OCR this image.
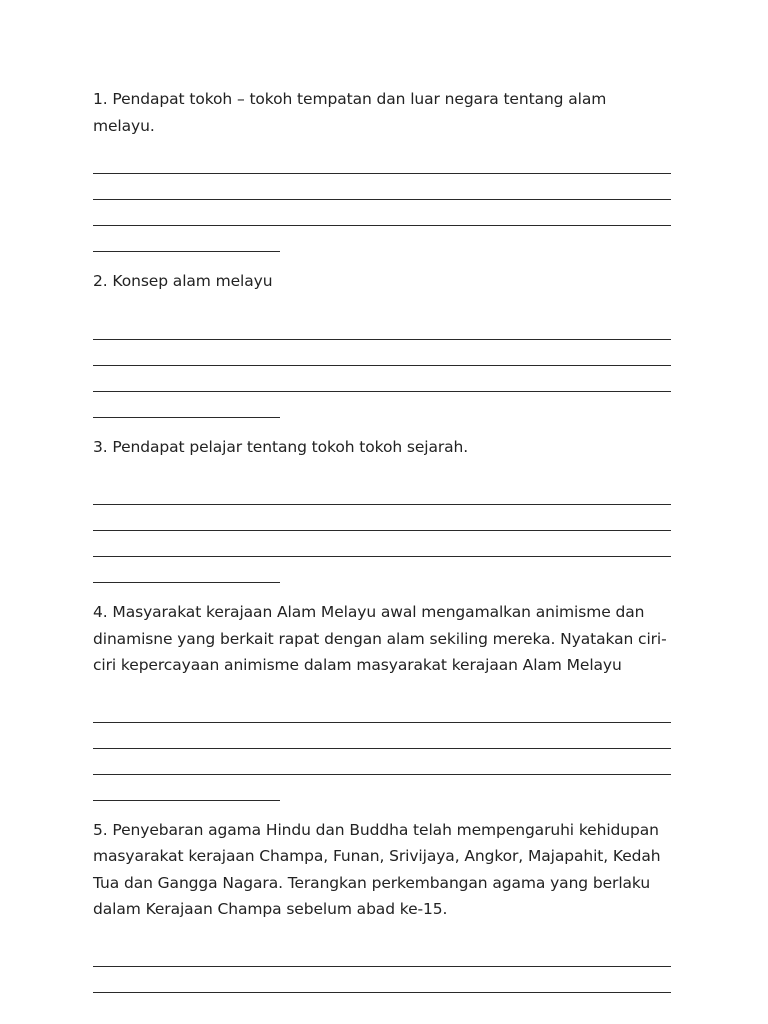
1. Pendapat tokoh – tokoh tempatan dan luar negara tentang alam melayu.

2. Konsep alam melayu

3. Pendapat pelajar tentang tokoh tokoh sejarah.

4. Masyarakat kerajaan Alam Melayu awal mengamalkan animisme dan dinamisne yang berkait rapat dengan alam sekiling mereka. Nyatakan ciri-ciri kepercayaan animisme dalam masyarakat kerajaan Alam Melayu

5. Penyebaran agama Hindu dan Buddha telah mempengaruhi kehidupan masyarakat kerajaan Champa, Funan, Srivijaya, Angkor, Majapahit, Kedah Tua dan Gangga Nagara. Terangkan perkembangan agama yang berlaku dalam Kerajaan Champa sebelum abad ke-15.
